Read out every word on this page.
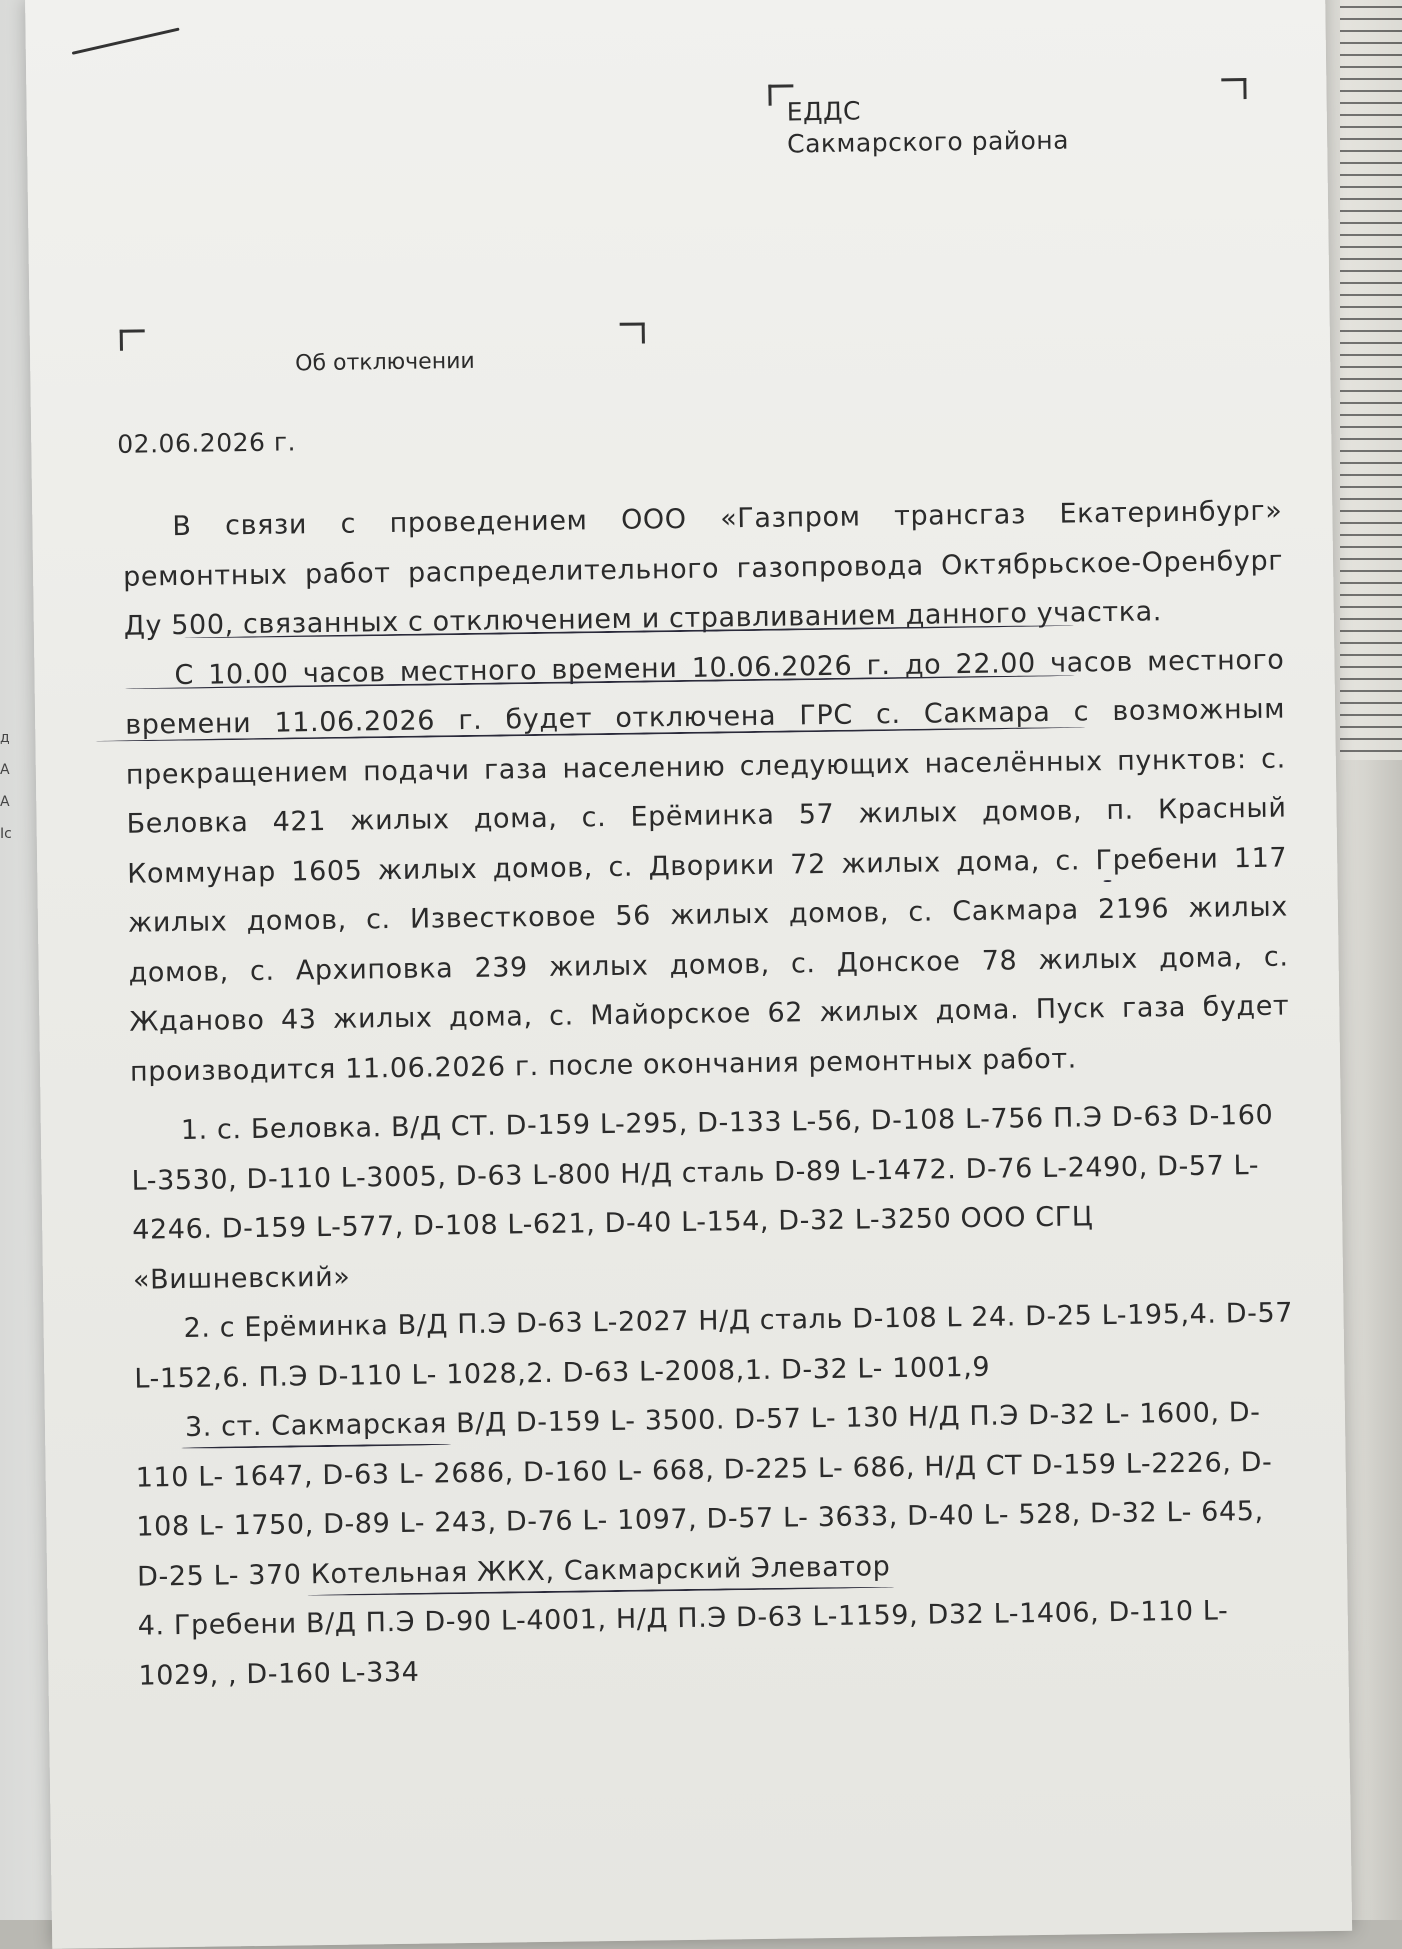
д
А
А
Ic
ЕДДС
Сакмарского района
Об отключении
02.06.2026 г.

В связи с проведением ООО «Газпром трансгаз Екатеринбург» ремонтных работ распределительного газопровода Октябрьское-Оренбург Ду 500, связанных с отключением и стравливанием данного участка.

С 10.00 часов местного времени 10.06.2026 г. до 22.00 часов местного времени 11.06.2026 г. будет отключена ГРС с. Сакмара с возможным прекращением подачи газа населению следующих населённых пунктов: с. Беловка 421 жилых дома, с. Ерёминка 57 жилых домов, п. Красный Коммунар 1605 жилых домов, с. Дворики 72 жилых дома, с. Гребени 117 жилых домов, с. Известковое 56 жилых домов, с. Сакмара 2196 жилых домов, с. Архиповка 239 жилых домов, с. Донское 78 жилых дома, с. Жданово 43 жилых дома, с. Майорское 62 жилых дома. Пуск газа будет производится 11.06.2026 г. после окончания ремонтных работ.

1. с. Беловка. В/Д СТ. D-159 L-295, D-133 L-56, D-108 L-756 П.Э D-63 D-160 L-3530, D-110 L-3005, D-63 L-800 Н/Д сталь D-89 L-1472. D-76 L-2490, D-57 L-4246. D-159 L-577, D-108 L-621, D-40 L-154, D-32 L-3250 ООО СГЦ «Вишневский»

2. с Ерёминка В/Д П.Э D-63 L-2027 Н/Д сталь D-108 L 24. D-25 L-195,4. D-57 L-152,6. П.Э D-110 L- 1028,2. D-63 L-2008,1. D-32 L- 1001,9

3. ст. Сакмарская В/Д D-159 L- 3500. D-57 L- 130 Н/Д П.Э D-32 L- 1600, D-110 L- 1647, D-63 L- 2686, D-160 L- 668, D-225 L- 686, Н/Д СТ D-159 L-2226, D-108 L- 1750, D-89 L- 243, D-76 L- 1097, D-57 L- 3633, D-40 L- 528, D-32 L- 645, D-25 L- 370 Котельная ЖКХ, Сакмарский Элеватор

4. Гребени В/Д П.Э D-90 L-4001, Н/Д П.Э D-63 L-1159, D32 L-1406, D-110 L-1029, , D-160 L-334
